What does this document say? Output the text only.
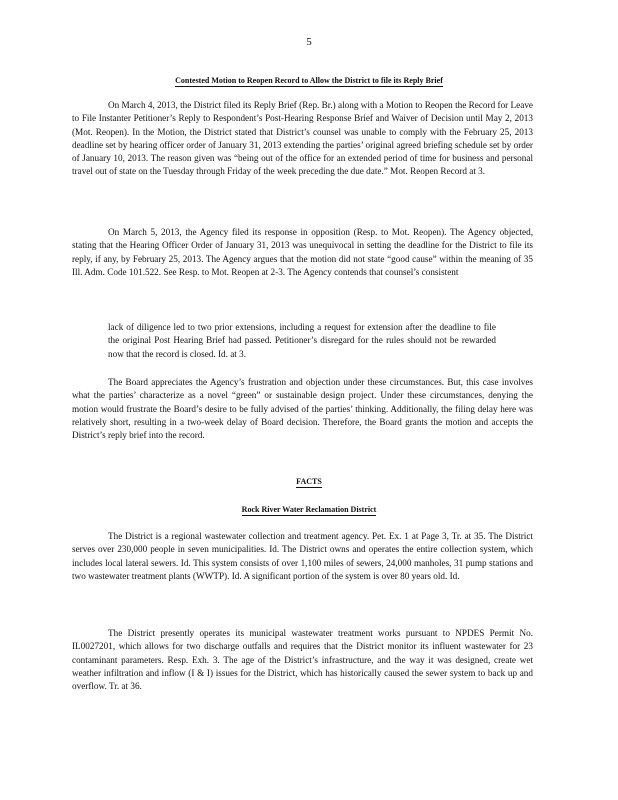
5
Contested Motion to Reopen Record to Allow the District to file its Reply Brief

On March 4, 2013, the District filed its Reply Brief (Rep. Br.) along with a Motion to Reopen the Record for Leave to File Instanter Petitioner’s Reply to Respondent’s Post-Hearing Response Brief and Waiver of Decision until May 2, 2013 (Mot. Reopen). In the Motion, the District stated that District’s counsel was unable to comply with the February 25, 2013 deadline set by hearing officer order of January 31, 2013 extending the parties’ original agreed briefing schedule set by order of January 10, 2013. The reason given was “being out of the office for an extended period of time for business and personal travel out of state on the Tuesday through Friday of the week preceding the due date.” Mot. Reopen Record at 3.

On March 5, 2013, the Agency filed its response in opposition (Resp. to Mot. Reopen). The Agency objected, stating that the Hearing Officer Order of January 31, 2013 was unequivocal in setting the deadline for the District to file its reply, if any, by February 25, 2013. The Agency argues that the motion did not state “good cause” within the meaning of 35 Ill. Adm. Code 101.522. See Resp. to Mot. Reopen at 2-3. The Agency contends that counsel’s consistent

lack of diligence led to two prior extensions, including a request for extension after the deadline to file the original Post Hearing Brief had passed. Petitioner’s disregard for the rules should not be rewarded now that the record is closed. Id. at 3.

The Board appreciates the Agency’s frustration and objection under these circumstances. But, this case involves what the parties’ characterize as a novel “green” or sustainable design project. Under these circumstances, denying the motion would frustrate the Board’s desire to be fully advised of the parties’ thinking. Additionally, the filing delay here was relatively short, resulting in a two-week delay of Board decision. Therefore, the Board grants the motion and accepts the District’s reply brief into the record.

FACTS
Rock River Water Reclamation District

The District is a regional wastewater collection and treatment agency. Pet. Ex. 1 at Page 3, Tr. at 35. The District serves over 230,000 people in seven municipalities. Id. The District owns and operates the entire collection system, which includes local lateral sewers. Id. This system consists of over 1,100 miles of sewers, 24,000 manholes, 31 pump stations and two wastewater treatment plants (WWTP). Id. A significant portion of the system is over 80 years old. Id.

The District presently operates its municipal wastewater treatment works pursuant to NPDES Permit No. IL0027201, which allows for two discharge outfalls and requires that the District monitor its influent wastewater for 23 contaminant parameters. Resp. Exh. 3. The age of the District’s infrastructure, and the way it was designed, create wet weather infiltration and inflow (I & I) issues for the District, which has historically caused the sewer system to back up and overflow. Tr. at 36.
